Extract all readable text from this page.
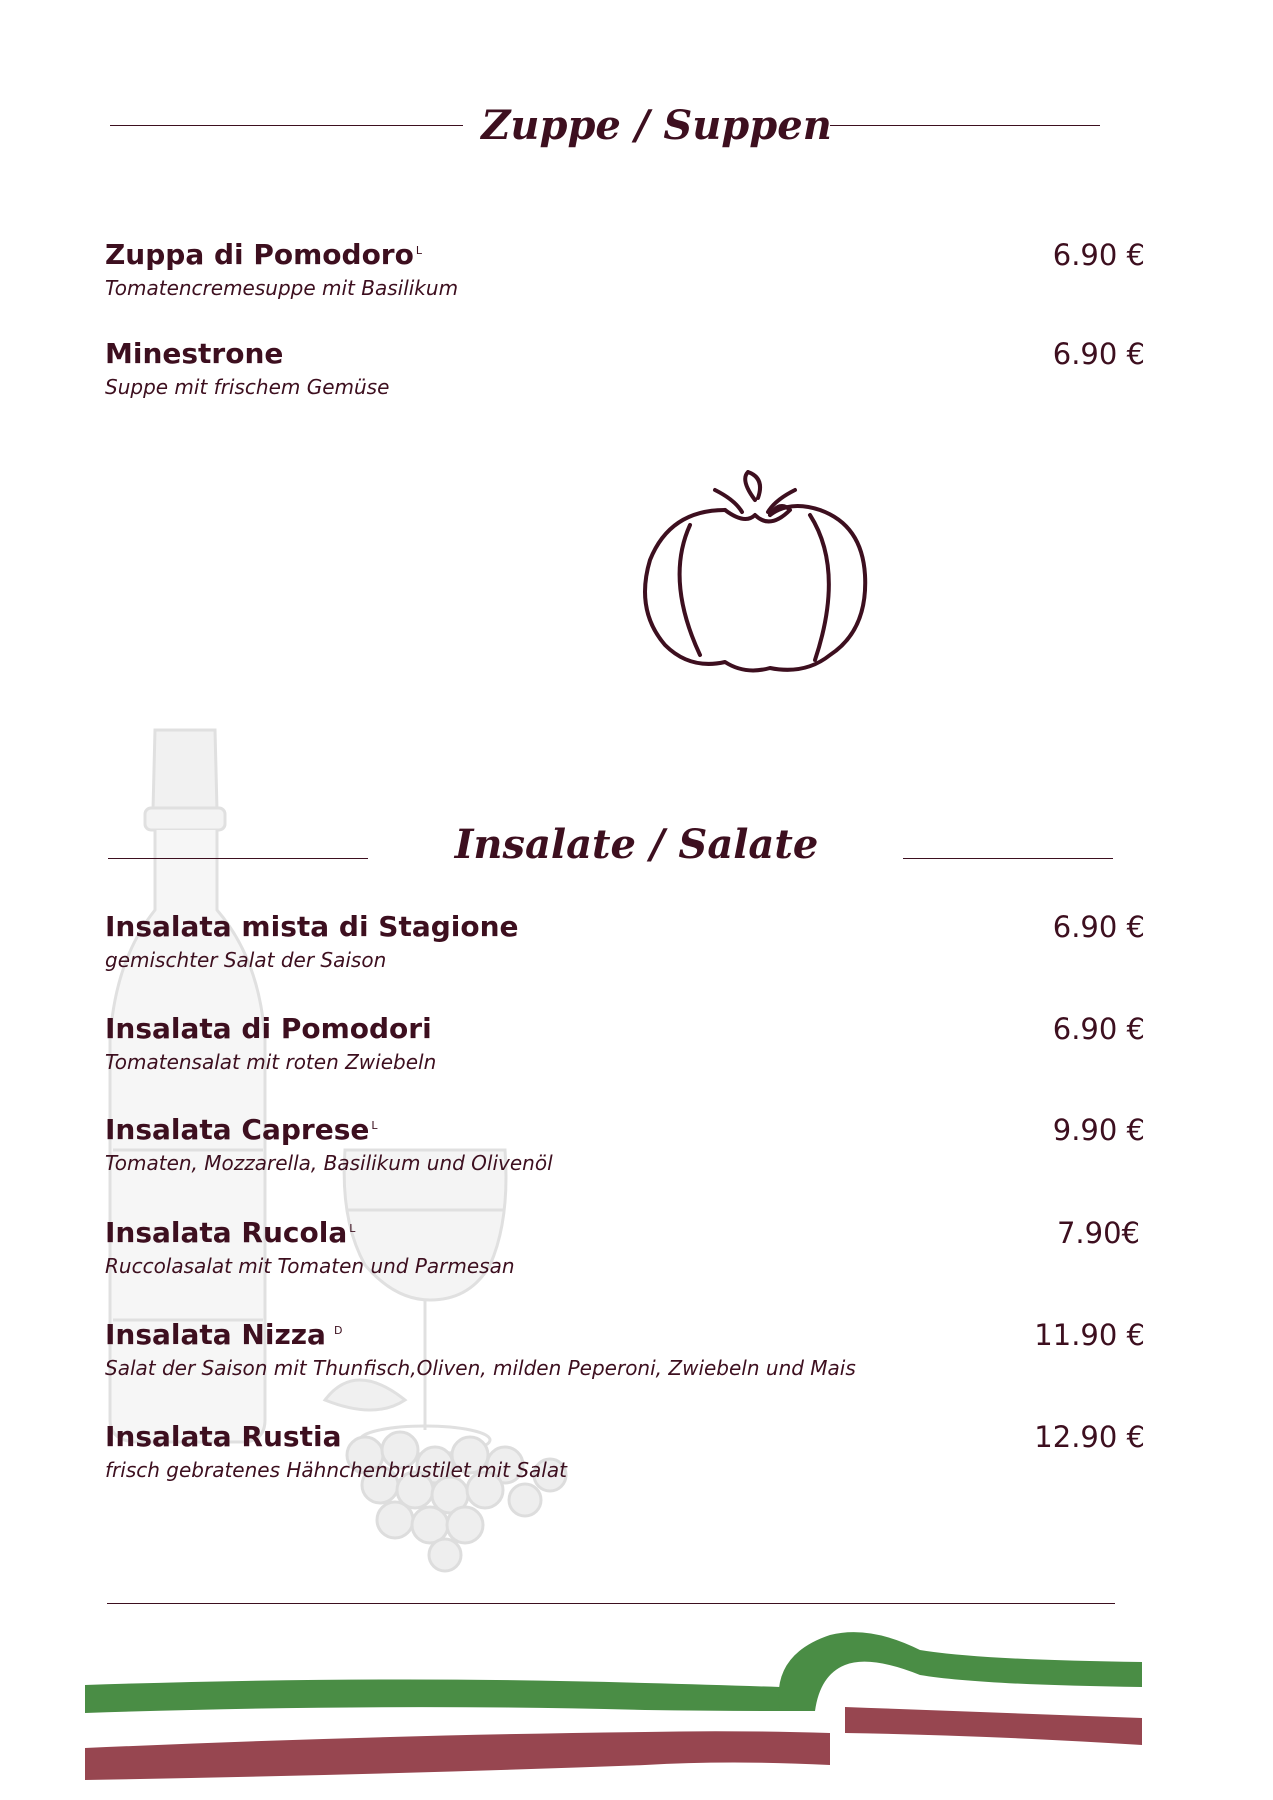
Zuppe / Suppen
Zuppa di Pomodoro $^L$
Tomatencremesuppe mit Basilikum
6.90 €
Minestrone
Suppe mit frischem Gemüse
6.90 €
Insalate / Salate
Insalata mista di Stagione
gemischter Salat der Saison
6.90 €
Insalata di Pomodori
Tomatensalat mit roten Zwiebeln
6.90 €
Insalata Caprese $^L$
Tomaten, Mozzarella, Basilikum und Olivenöl
9.90 €
Insalata Rucola $^L$
Ruccolasalat mit Tomaten und Parmesan
7.90€
Insalata Nizza $^D$
Salat der Saison mit Thunfisch,Oliven, milden Peperoni, Zwiebeln und Mais
11.90 €
Insalata Rustia
frisch gebratenes Hähnchenbrustilet mit Salat
12.90 €
